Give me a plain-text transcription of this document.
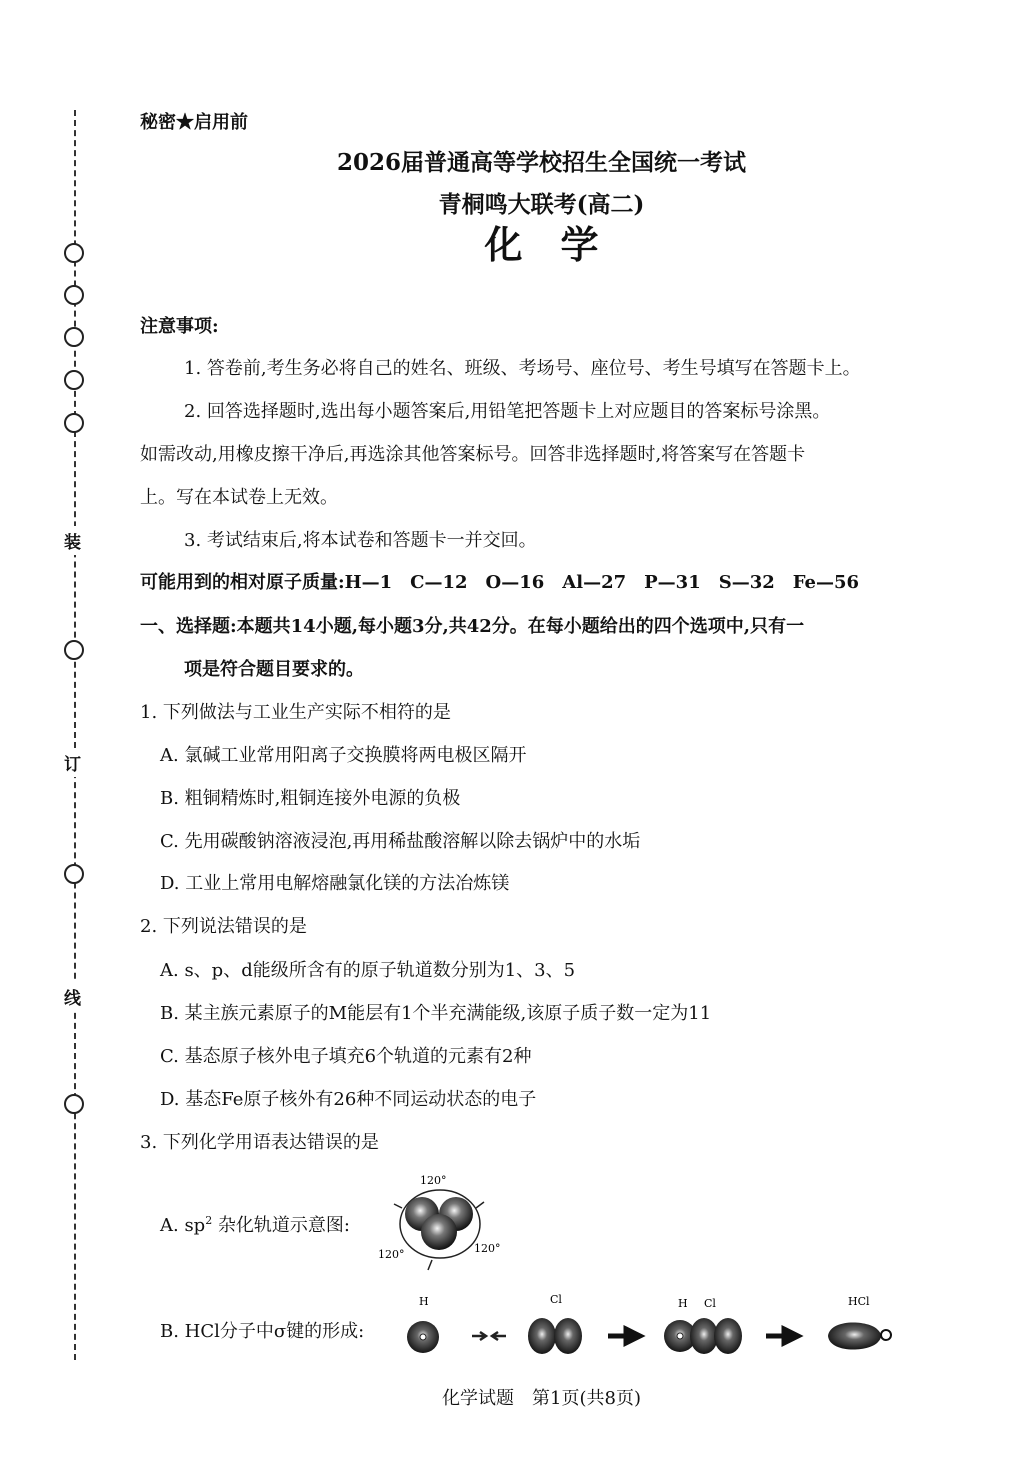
装
订
线
秘密★启用前
2026届普通高等学校招生全国统一考试
青桐鸣大联考(高二)
化　学
注意事项:
1. 答卷前,考生务必将自己的姓名、班级、考场号、座位号、考生号填写在答题卡上。
2. 回答选择题时,选出每小题答案后,用铅笔把答题卡上对应题目的答案标号涂黑。
如需改动,用橡皮擦干净后,再选涂其他答案标号。回答非选择题时,将答案写在答题卡
上。写在本试卷上无效。
3. 考试结束后,将本试卷和答题卡一并交回。
可能用到的相对原子质量:H—1　C—12　O—16　Al—27　P—31　S—32　Fe—56
一、选择题:本题共14小题,每小题3分,共42分。在每小题给出的四个选项中,只有一
项是符合题目要求的。
1. 下列做法与工业生产实际不相符的是
A. 氯碱工业常用阳离子交换膜将两电极区隔开
B. 粗铜精炼时,粗铜连接外电源的负极
C. 先用碳酸钠溶液浸泡,再用稀盐酸溶解以除去锅炉中的水垢
D. 工业上常用电解熔融氯化镁的方法冶炼镁
2. 下列说法错误的是
A. s、p、d能级所含有的原子轨道数分别为1、3、5
B. 某主族元素原子的M能层有1个半充满能级,该原子质子数一定为11
C. 基态原子核外电子填充6个轨道的元素有2种
D. 基态Fe原子核外有26种不同运动状态的电子
3. 下列化学用语表达错误的是
A. $sp^2$ 杂化轨道示意图:
120°
120°	120°
B. HCl分子中σ键的形成:
H	Cl	H Cl	HCl
化学试题　第1页(共8页)
